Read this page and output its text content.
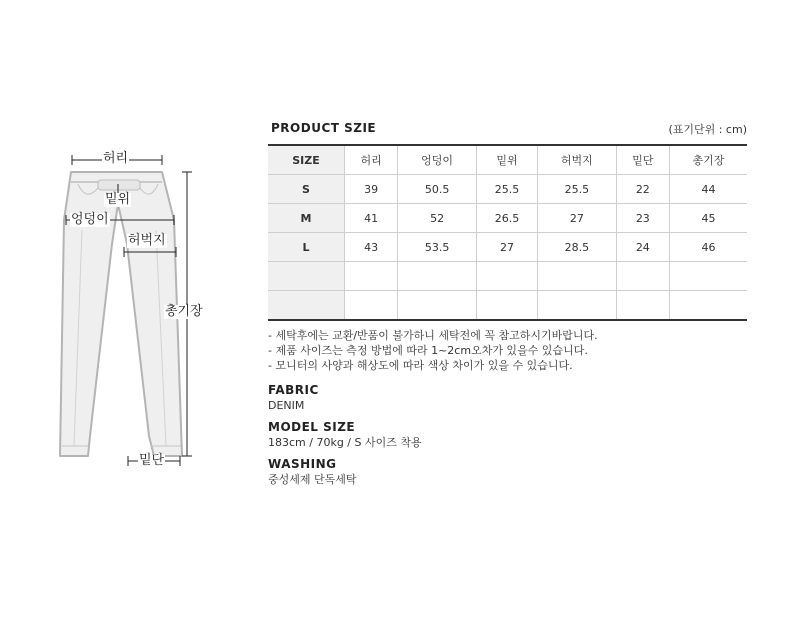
허리
밑위
엉덩이
허벅지
총기장
밑단
PRODUCT SZIE	(표기단위 : cm)
SIZE	허리	엉덩이	밑위	허벅지	밑단	총기장
S	39	50.5	25.5	25.5	22	44
M	41	52	26.5	27	23	45
L	43	53.5	27	28.5	24	46

- 세탁후에는 교환/반품이 불가하니 세탁전에 꼭 참고하시기바랍니다.
- 제품 사이즈는 측정 방법에 따라 1~2cm오차가 있을수 있습니다.
- 모니터의 사양과 해상도에 따라 색상 차이가 있을 수 있습니다.
FABRIC
DENIM
MODEL SIZE
183cm / 70kg / S 사이즈 착용
WASHING
중성세제 단독세탁
